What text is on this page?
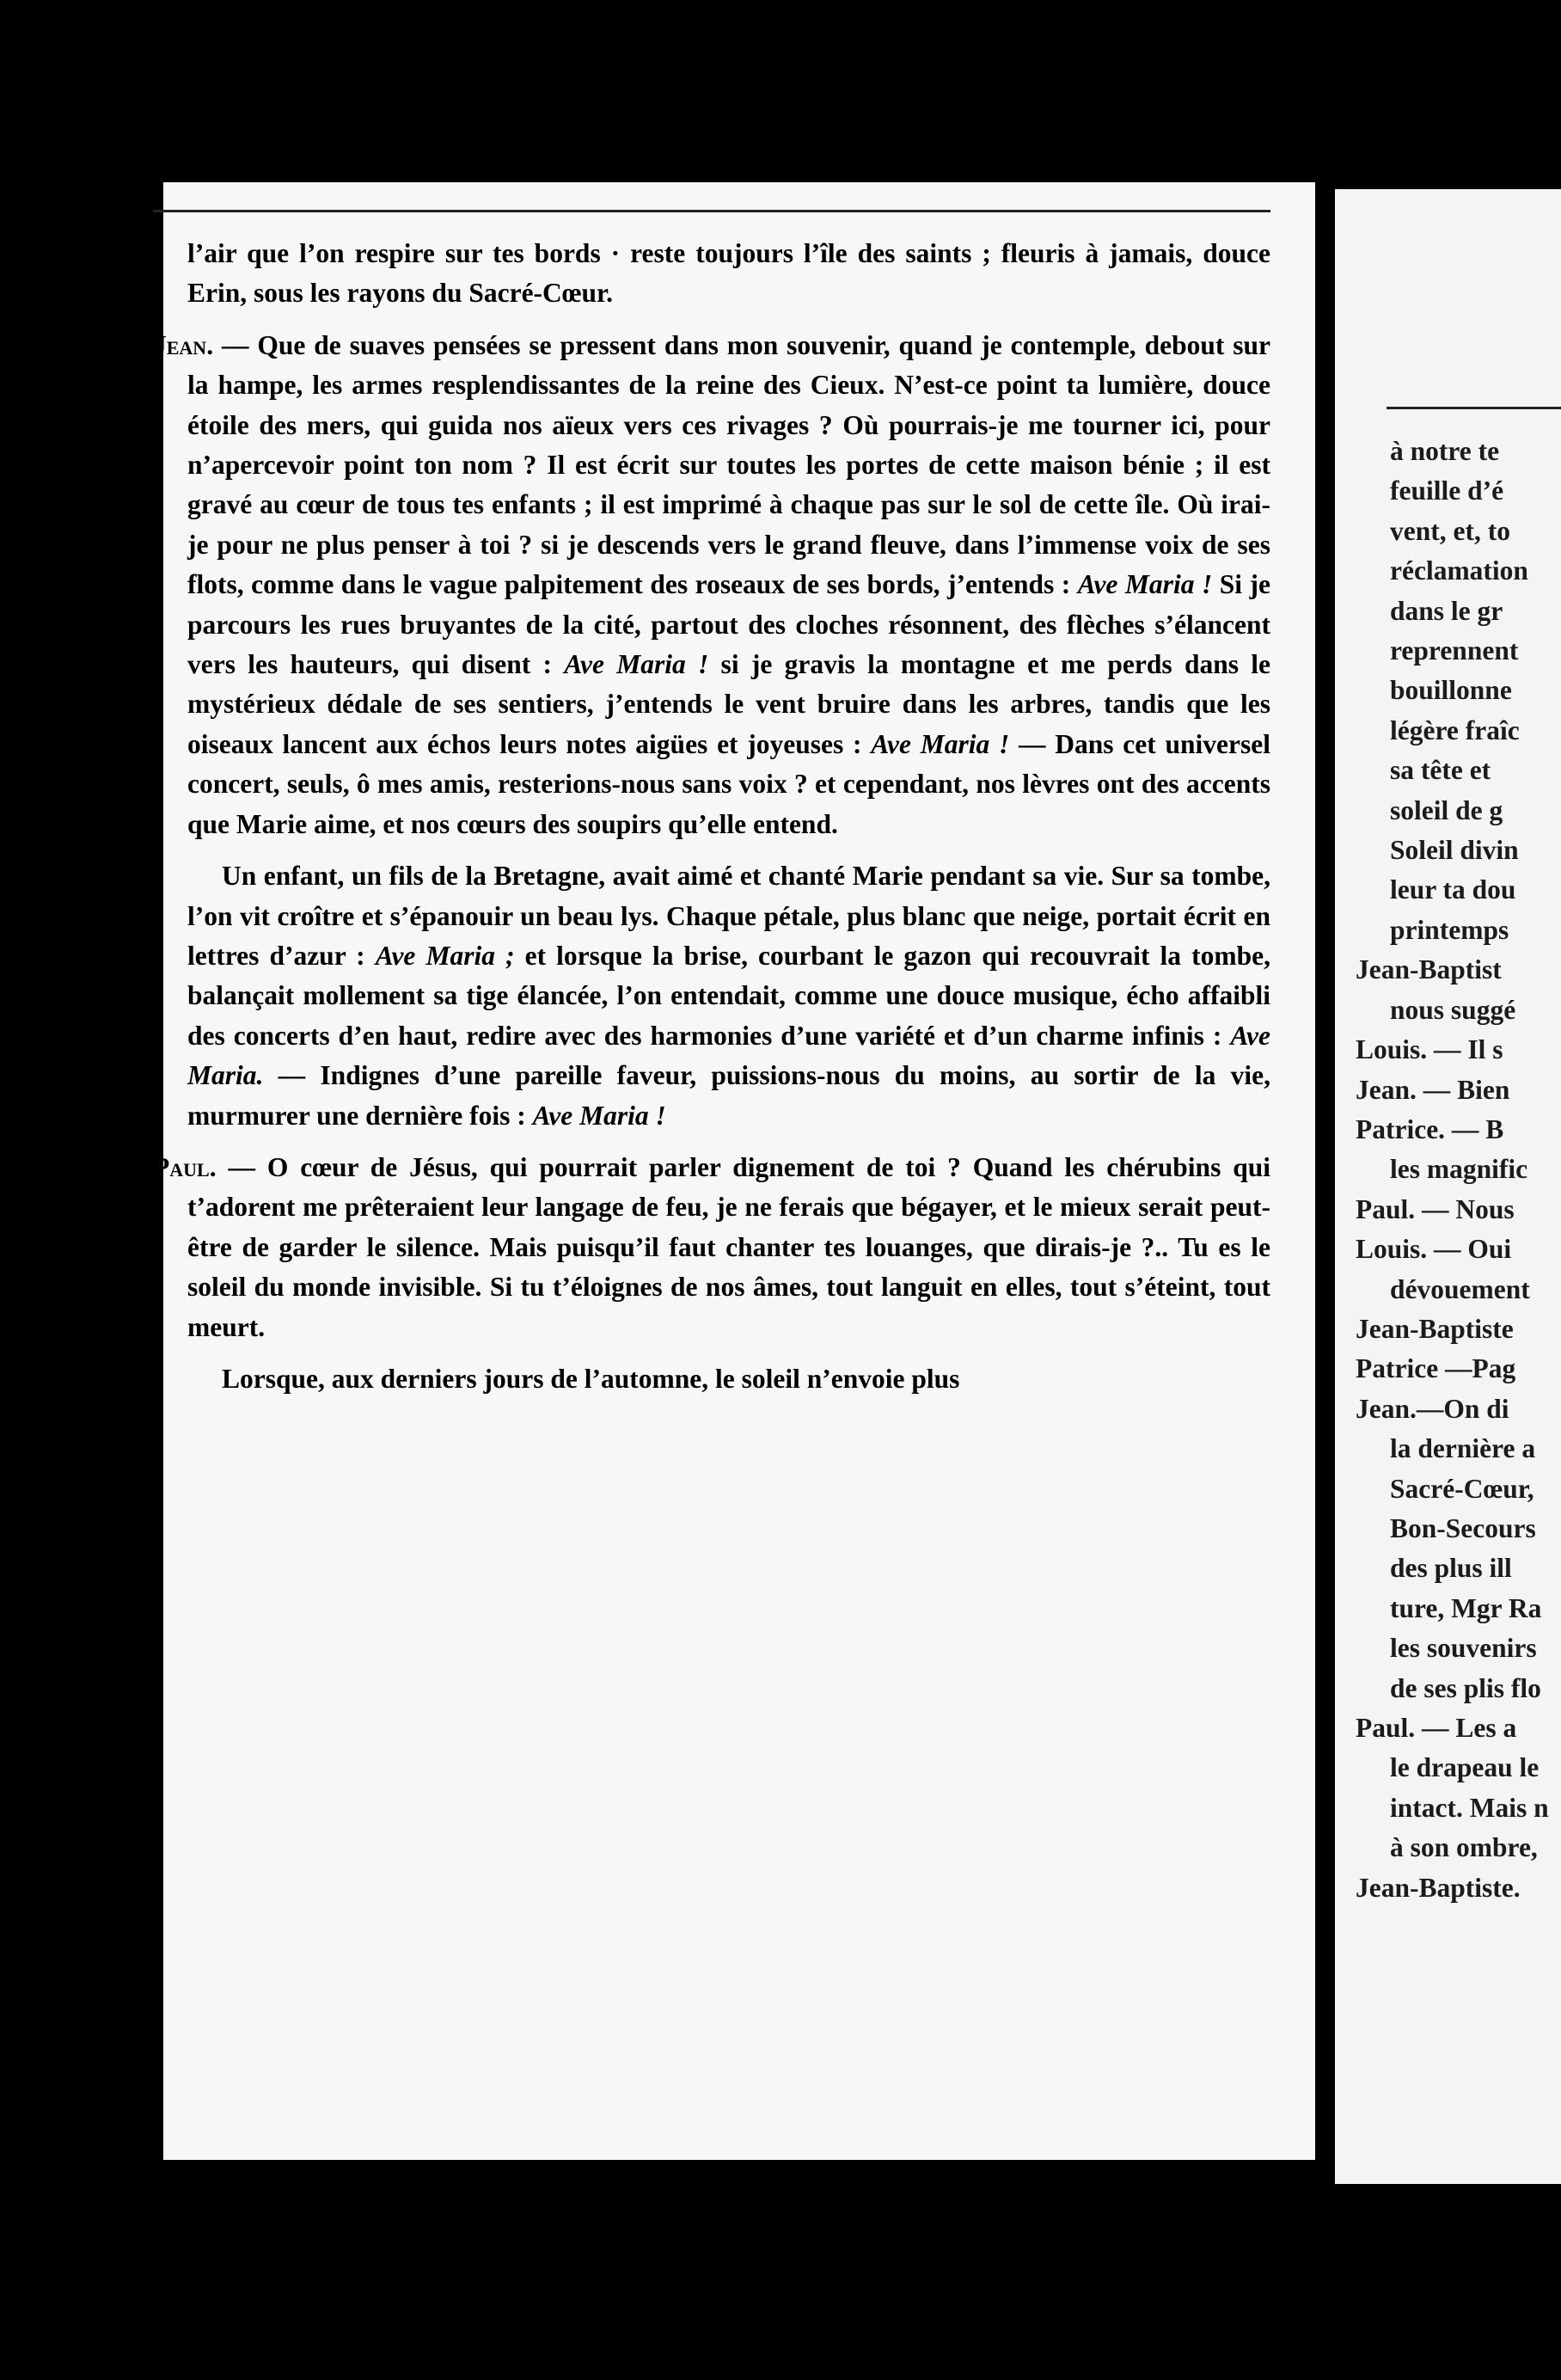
à notre te
feuille d’é
vent, et, to
réclamation
dans le gr
reprennent
bouillonne
légère fraîc
sa tête et
soleil de g
Soleil divin
leur ta dou
printemps
Jean-Baptist
nous suggé
Louis. — Il s
Jean. — Bien
Patrice. — B
les magnific
Paul. — Nous
Louis. — Oui
dévouement
Jean-Baptiste
Patrice —Pag
Jean.—On di
la dernière a
Sacré-Cœur,
Bon-Secours
des plus ill
ture, Mgr Ra
les souvenirs
de ses plis flo
Paul. — Les a
le drapeau le
intact. Mais n
à son ombre,
Jean-Baptiste.
294	LA SEMAINE RELIGIEUSE

l’air que l’on respire sur tes bords · reste toujours l’île des saints ; fleuris à jamais, douce Erin, sous les rayons du Sacré-Cœur.

Jean. — Que de suaves pensées se pressent dans mon souvenir, quand je contemple, debout sur la hampe, les armes resplendissantes de la reine des Cieux. N’est-ce point ta lumière, douce étoile des mers, qui guida nos aïeux vers ces rivages ? Où pourrais-je me tourner ici, pour n’apercevoir point ton nom ? Il est écrit sur toutes les portes de cette maison bénie ; il est gravé au cœur de tous tes enfants ; il est imprimé à chaque pas sur le sol de cette île. Où irai-je pour ne plus penser à toi ? si je descends vers le grand fleuve, dans l’immense voix de ses flots, comme dans le vague palpitement des roseaux de ses bords, j’entends : Ave Maria ! Si je parcours les rues bruyantes de la cité, partout des cloches résonnent, des flèches s’élancent vers les hauteurs, qui disent : Ave Maria ! si je gravis la montagne et me perds dans le mystérieux dédale de ses sentiers, j’entends le vent bruire dans les arbres, tandis que les oiseaux lancent aux échos leurs notes aigües et joyeuses : Ave Maria ! — Dans cet universel concert, seuls, ô mes amis, resterions-nous sans voix ? et cependant, nos lèvres ont des accents que Marie aime, et nos cœurs des soupirs qu’elle entend.

Un enfant, un fils de la Bretagne, avait aimé et chanté Marie pendant sa vie. Sur sa tombe, l’on vit croître et s’épanouir un beau lys. Chaque pétale, plus blanc que neige, portait écrit en lettres d’azur : Ave Maria ; et lorsque la brise, courbant le gazon qui recouvrait la tombe, balançait mollement sa tige élancée, l’on entendait, comme une douce musique, écho affaibli des concerts d’en haut, redire avec des harmonies d’une variété et d’un charme infinis : Ave Maria. — Indignes d’une pareille faveur, puissions-nous du moins, au sortir de la vie, murmurer une dernière fois : Ave Maria !

Paul. — O cœur de Jésus, qui pourrait parler dignement de toi ? Quand les chérubins qui t’adorent me prêteraient leur langage de feu, je ne ferais que bégayer, et le mieux serait peut-être de garder le silence. Mais puisqu’il faut chanter tes louanges, que dirais-je ?.. Tu es le soleil du monde invisible. Si tu t’éloignes de nos âmes, tout languit en elles, tout s’éteint, tout meurt.

Lorsque, aux derniers jours de l’automne, le soleil n’envoie plus
